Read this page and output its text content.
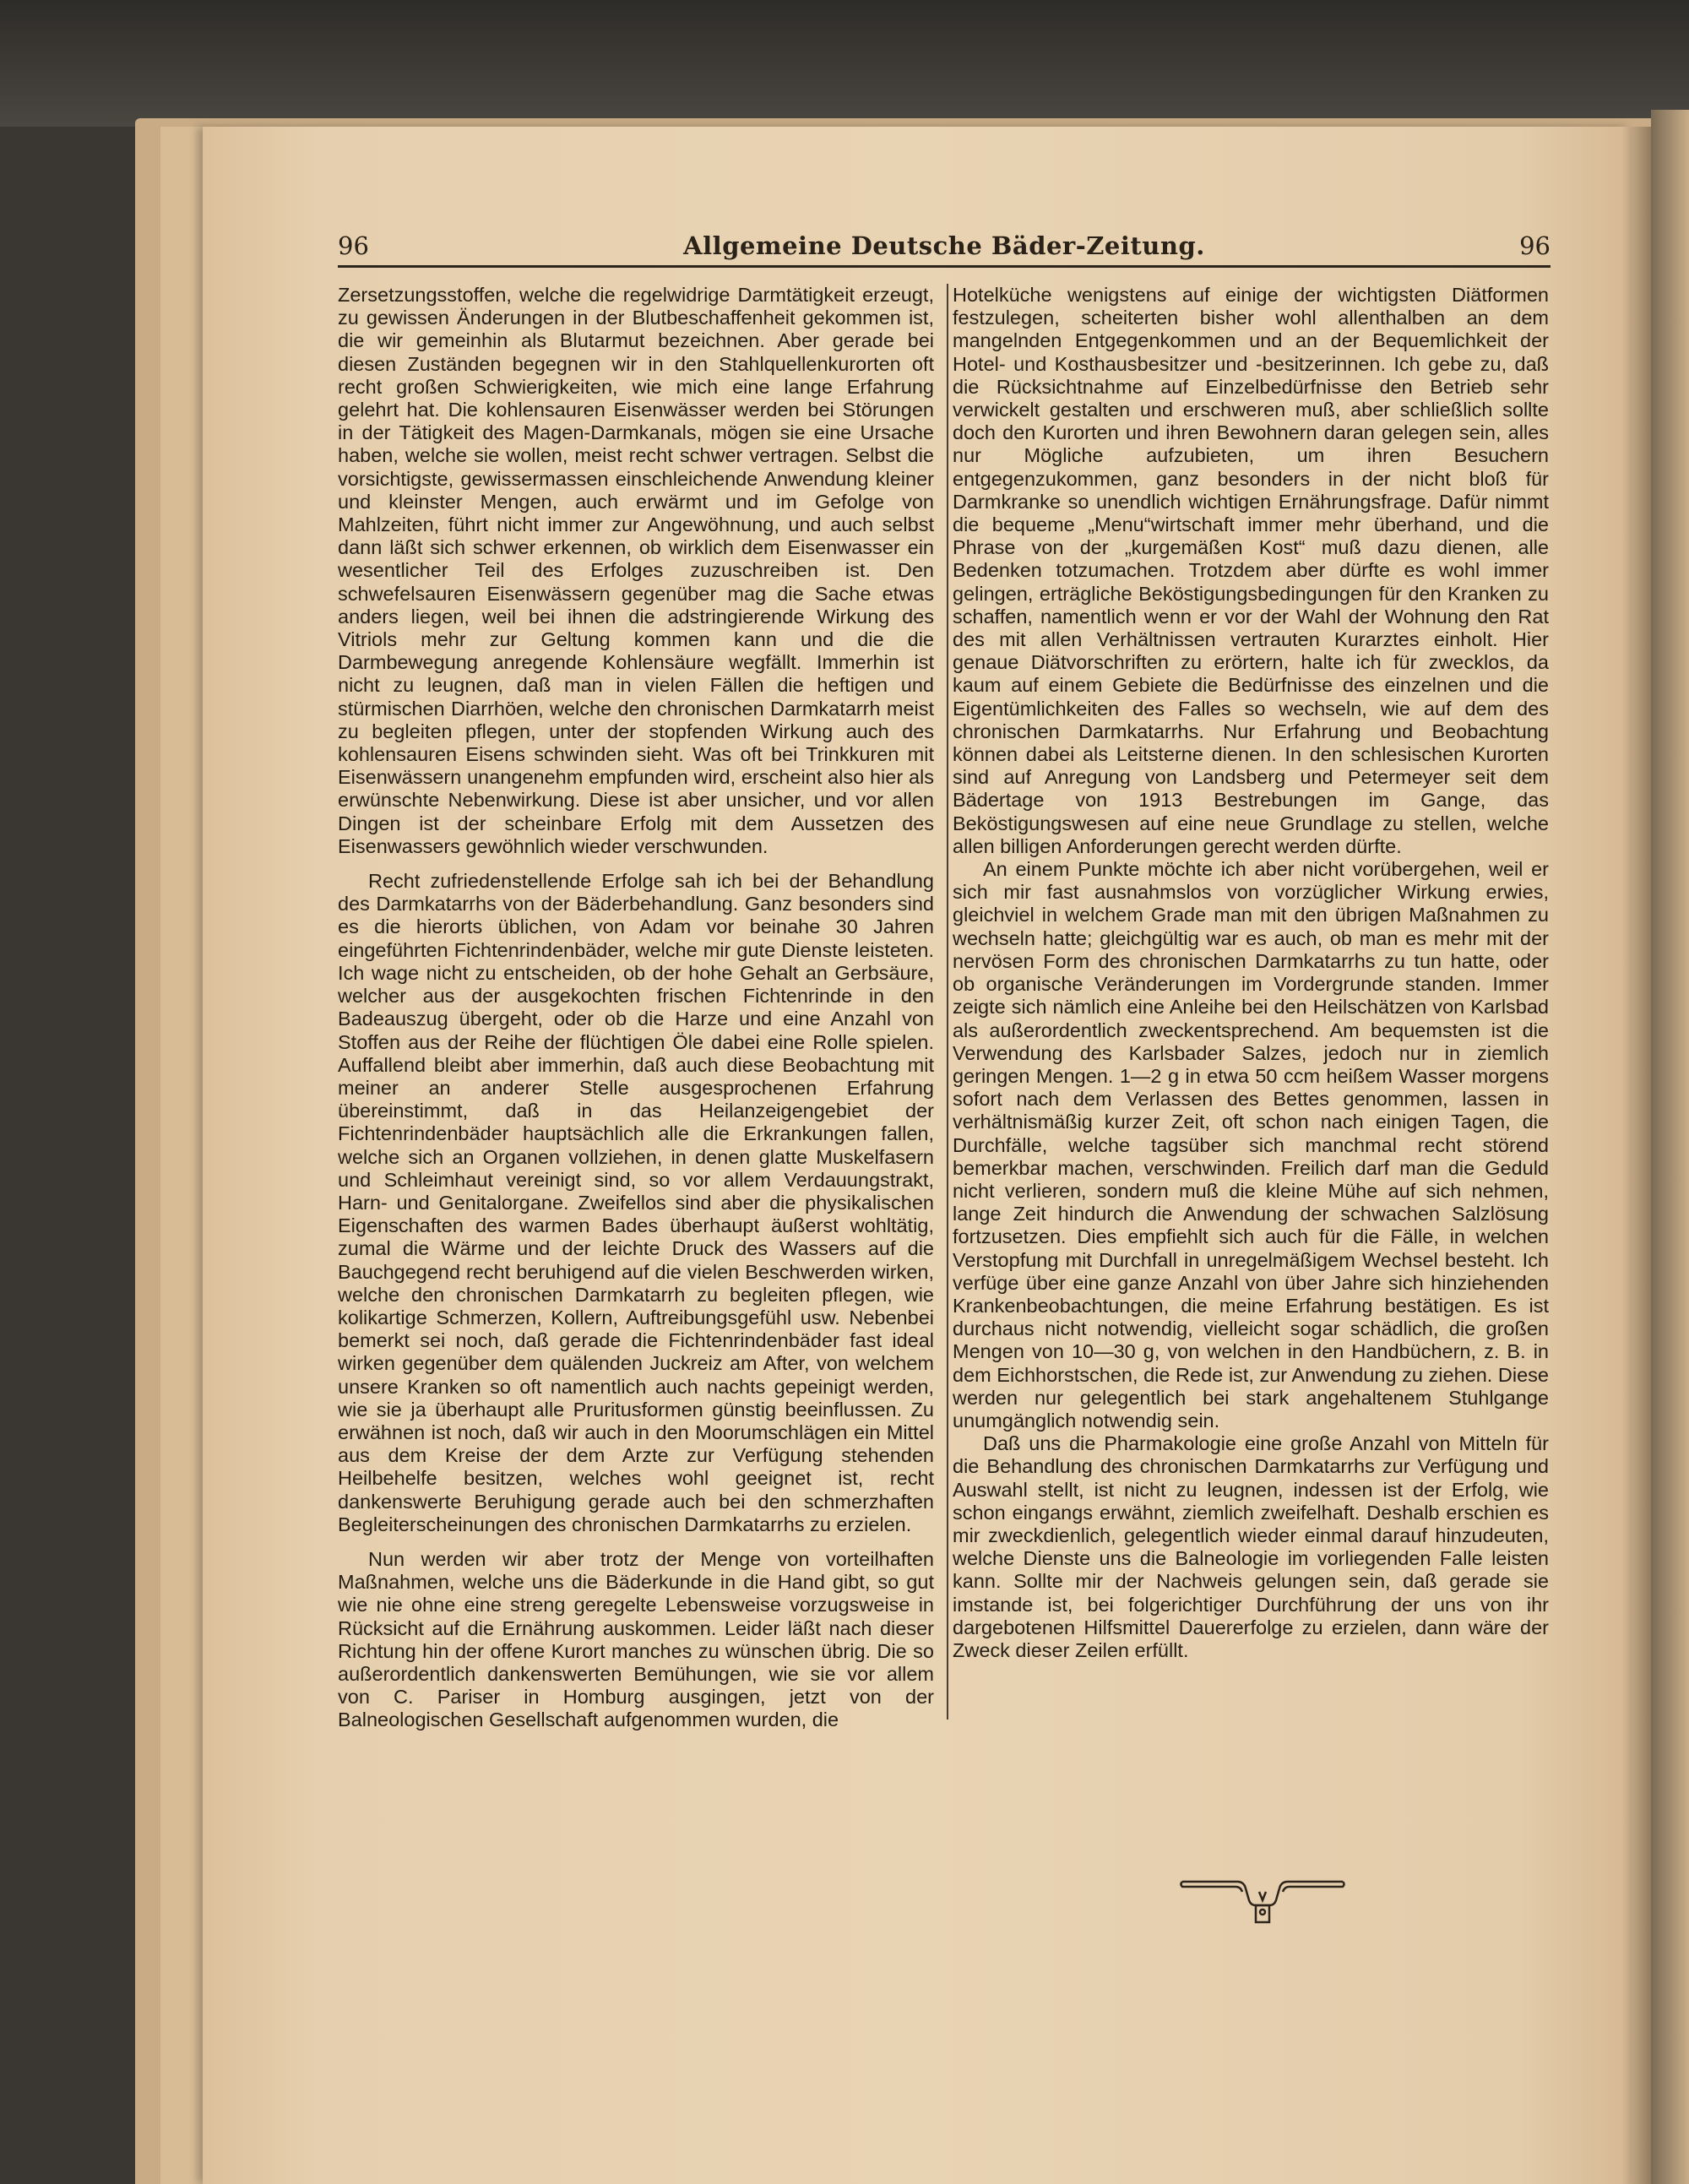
96	Allgemeine Deutsche Bäder-Zeitung.	96

Zersetzungsstoffen, welche die regelwidrige Darmtätigkeit erzeugt, zu gewissen Änderungen in der Blutbeschaffenheit gekommen ist, die wir gemeinhin als Blutarmut bezeichnen. Aber gerade bei diesen Zuständen begegnen wir in den Stahlquellenkurorten oft recht großen Schwierigkeiten, wie mich eine lange Erfahrung gelehrt hat. Die kohlensauren Eisenwässer werden bei Störungen in der Tätigkeit des Magen-Darmkanals, mögen sie eine Ursache haben, welche sie wollen, meist recht schwer vertragen. Selbst die vorsichtigste, gewissermassen einschleichende Anwendung kleiner und kleinster Mengen, auch erwärmt und im Gefolge von Mahlzeiten, führt nicht immer zur Angewöhnung, und auch selbst dann läßt sich schwer erkennen, ob wirklich dem Eisenwasser ein wesentlicher Teil des Erfolges zuzuschreiben ist. Den schwefelsauren Eisenwässern gegenüber mag die Sache etwas anders liegen, weil bei ihnen die adstringierende Wirkung des Vitriols mehr zur Geltung kommen kann und die die Darmbewegung anregende Kohlensäure wegfällt. Immerhin ist nicht zu leugnen, daß man in vielen Fällen die heftigen und stürmischen Diarrhöen, welche den chronischen Darmkatarrh meist zu begleiten pflegen, unter der stopfenden Wirkung auch des kohlensauren Eisens schwinden sieht. Was oft bei Trinkkuren mit Eisenwässern unangenehm empfunden wird, erscheint also hier als erwünschte Nebenwirkung. Diese ist aber unsicher, und vor allen Dingen ist der scheinbare Erfolg mit dem Aussetzen des Eisenwassers gewöhnlich wieder verschwunden.

Recht zufriedenstellende Erfolge sah ich bei der Behandlung des Darmkatarrhs von der Bäderbehandlung. Ganz besonders sind es die hierorts üblichen, von Adam vor beinahe 30 Jahren eingeführten Fichtenrindenbäder, welche mir gute Dienste leisteten. Ich wage nicht zu entscheiden, ob der hohe Gehalt an Gerbsäure, welcher aus der ausgekochten frischen Fichtenrinde in den Badeauszug übergeht, oder ob die Harze und eine Anzahl von Stoffen aus der Reihe der flüchtigen Öle dabei eine Rolle spielen. Auffallend bleibt aber immerhin, daß auch diese Beobachtung mit meiner an anderer Stelle ausgesprochenen Erfahrung übereinstimmt, daß in das Heilanzeigengebiet der Fichtenrindenbäder hauptsächlich alle die Erkrankungen fallen, welche sich an Organen vollziehen, in denen glatte Muskelfasern und Schleimhaut vereinigt sind, so vor allem Verdauungstrakt, Harn- und Genitalorgane. Zweifellos sind aber die physikalischen Eigenschaften des warmen Bades überhaupt äußerst wohltätig, zumal die Wärme und der leichte Druck des Wassers auf die Bauchgegend recht beruhigend auf die vielen Beschwerden wirken, welche den chronischen Darmkatarrh zu begleiten pflegen, wie kolikartige Schmerzen, Kollern, Auftreibungsgefühl usw. Nebenbei bemerkt sei noch, daß gerade die Fichtenrindenbäder fast ideal wirken gegenüber dem quälenden Juckreiz am After, von welchem unsere Kranken so oft namentlich auch nachts gepeinigt werden, wie sie ja überhaupt alle Pruritusformen günstig beeinflussen. Zu erwähnen ist noch, daß wir auch in den Moorumschlägen ein Mittel aus dem Kreise der dem Arzte zur Verfügung stehenden Heilbehelfe besitzen, welches wohl geeignet ist, recht dankenswerte Beruhigung gerade auch bei den schmerzhaften Begleiterscheinungen des chronischen Darmkatarrhs zu erzielen.

Nun werden wir aber trotz der Menge von vorteilhaften Maßnahmen, welche uns die Bäderkunde in die Hand gibt, so gut wie nie ohne eine streng geregelte Lebensweise vorzugsweise in Rücksicht auf die Ernährung auskommen. Leider läßt nach dieser Richtung hin der offene Kurort manches zu wünschen übrig. Die so außerordentlich dankenswerten Bemühungen, wie sie vor allem von C. Pariser in Homburg ausgingen, jetzt von der Balneologischen Gesellschaft aufgenommen wurden, die

Hotelküche wenigstens auf einige der wichtigsten Diätformen festzulegen, scheiterten bisher wohl allenthalben an dem mangelnden Entgegenkommen und an der Bequemlichkeit der Hotel- und Kosthausbesitzer und -besitzerinnen. Ich gebe zu, daß die Rücksichtnahme auf Einzelbedürfnisse den Betrieb sehr verwickelt gestalten und erschweren muß, aber schließlich sollte doch den Kurorten und ihren Bewohnern daran gelegen sein, alles nur Mögliche aufzubieten, um ihren Besuchern entgegenzukommen, ganz besonders in der nicht bloß für Darmkranke so unendlich wichtigen Ernährungsfrage. Dafür nimmt die bequeme „Menu“wirtschaft immer mehr überhand, und die Phrase von der „kurgemäßen Kost“ muß dazu dienen, alle Bedenken totzumachen. Trotzdem aber dürfte es wohl immer gelingen, erträgliche Beköstigungsbedingungen für den Kranken zu schaffen, namentlich wenn er vor der Wahl der Wohnung den Rat des mit allen Verhältnissen vertrauten Kurarztes einholt. Hier genaue Diätvorschriften zu erörtern, halte ich für zwecklos, da kaum auf einem Gebiete die Bedürfnisse des einzelnen und die Eigentümlichkeiten des Falles so wechseln, wie auf dem des chronischen Darmkatarrhs. Nur Erfahrung und Beobachtung können dabei als Leitsterne dienen. In den schlesischen Kurorten sind auf Anregung von Landsberg und Petermeyer seit dem Bädertage von 1913 Bestrebungen im Gange, das Beköstigungswesen auf eine neue Grundlage zu stellen, welche allen billigen Anforderungen gerecht werden dürfte.

An einem Punkte möchte ich aber nicht vorübergehen, weil er sich mir fast ausnahmslos von vorzüglicher Wirkung erwies, gleichviel in welchem Grade man mit den übrigen Maßnahmen zu wechseln hatte; gleichgültig war es auch, ob man es mehr mit der nervösen Form des chronischen Darmkatarrhs zu tun hatte, oder ob organische Veränderungen im Vordergrunde standen. Immer zeigte sich nämlich eine Anleihe bei den Heilschätzen von Karlsbad als außerordentlich zweckentsprechend. Am bequemsten ist die Verwendung des Karlsbader Salzes, jedoch nur in ziemlich geringen Mengen. 1—2 g in etwa 50 ccm heißem Wasser morgens sofort nach dem Verlassen des Bettes genommen, lassen in verhältnismäßig kurzer Zeit, oft schon nach einigen Tagen, die Durchfälle, welche tagsüber sich manchmal recht störend bemerkbar machen, verschwinden. Freilich darf man die Geduld nicht verlieren, sondern muß die kleine Mühe auf sich nehmen, lange Zeit hindurch die Anwendung der schwachen Salzlösung fortzusetzen. Dies empfiehlt sich auch für die Fälle, in welchen Verstopfung mit Durchfall in unregelmäßigem Wechsel besteht. Ich verfüge über eine ganze Anzahl von über Jahre sich hinziehenden Krankenbeobachtungen, die meine Erfahrung bestätigen. Es ist durchaus nicht notwendig, vielleicht sogar schädlich, die großen Mengen von 10—30 g, von welchen in den Handbüchern, z. B. in dem Eichhorstschen, die Rede ist, zur Anwendung zu ziehen. Diese werden nur gelegentlich bei stark angehaltenem Stuhlgange unumgänglich notwendig sein.

Daß uns die Pharmakologie eine große Anzahl von Mitteln für die Behandlung des chronischen Darmkatarrhs zur Verfügung und Auswahl stellt, ist nicht zu leugnen, indessen ist der Erfolg, wie schon eingangs erwähnt, ziemlich zweifelhaft. Deshalb erschien es mir zweckdienlich, gelegentlich wieder einmal darauf hinzudeuten, welche Dienste uns die Balneologie im vorliegenden Falle leisten kann. Sollte mir der Nachweis gelungen sein, daß gerade sie imstande ist, bei folgerichtiger Durchführung der uns von ihr dargebotenen Hilfsmittel Dauererfolge zu erzielen, dann wäre der Zweck dieser Zeilen erfüllt.
